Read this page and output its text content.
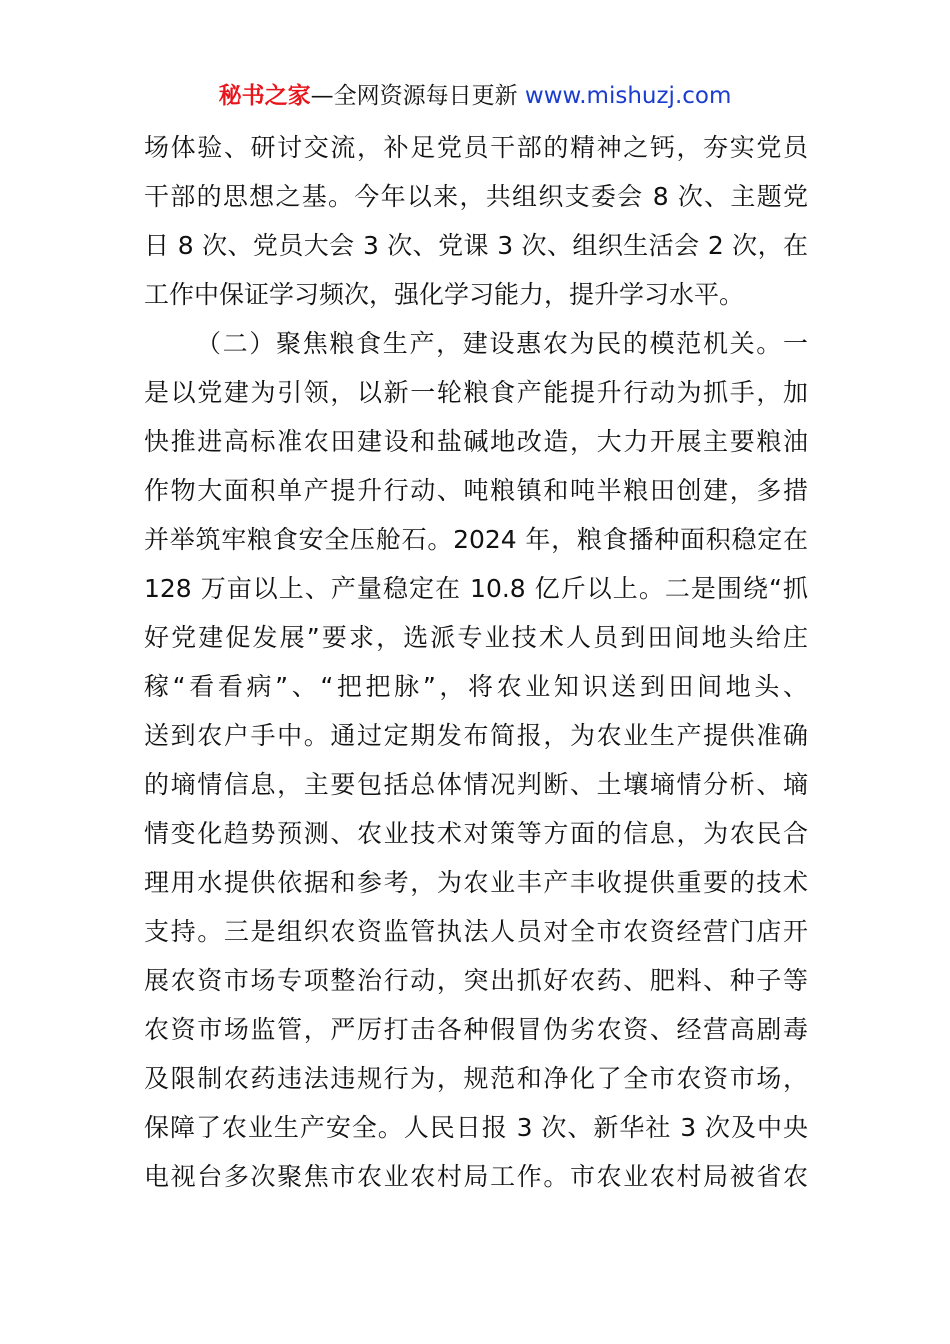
秘书之家—全网资源每日更新 www.mishuzj.com
场体验、研讨交流，补足党员干部的精神之钙，夯实党员
干部的思想之基。今年以来，共组织支委会 8 次、主题党
日 8 次、党员大会 3 次、党课 3 次、组织生活会 2 次，在
工作中保证学习频次，强化学习能力，提升学习水平。
（二）聚焦粮食生产，建设惠农为民的模范机关。一
是以党建为引领，以新一轮粮食产能提升行动为抓手，加
快推进高标准农田建设和盐碱地改造，大力开展主要粮油
作物大面积单产提升行动、吨粮镇和吨半粮田创建，多措
并举筑牢粮食安全压舱石。2024 年，粮食播种面积稳定在
128 万亩以上、产量稳定在 10.8 亿斤以上。二是围绕“抓
好党建促发展”要求，选派专业技术人员到田间地头给庄
稼“看看病”、“把把脉”，将农业知识送到田间地头、
送到农户手中。通过定期发布简报，为农业生产提供准确
的墒情信息，主要包括总体情况判断、土壤墒情分析、墒
情变化趋势预测、农业技术对策等方面的信息，为农民合
理用水提供依据和参考，为农业丰产丰收提供重要的技术
支持。三是组织农资监管执法人员对全市农资经营门店开
展农资市场专项整治行动，突出抓好农药、肥料、种子等
农资市场监管，严厉打击各种假冒伪劣农资、经营高剧毒
及限制农药违法违规行为，规范和净化了全市农资市场，
保障了农业生产安全。人民日报 3 次、新华社 3 次及中央
电视台多次聚焦市农业农村局工作。市农业农村局被省农
